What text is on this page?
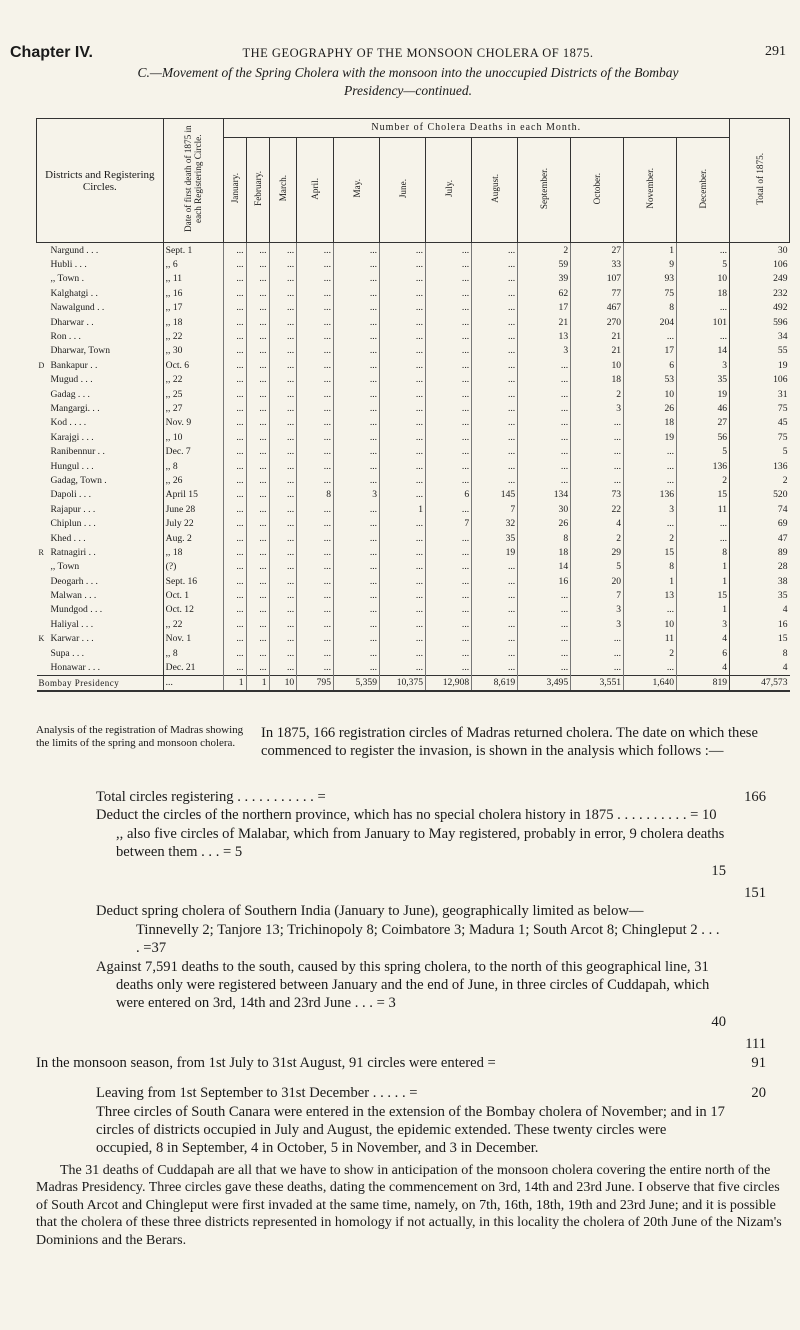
Chapter IV.	THE GEOGRAPHY OF THE MONSOON CHOLERA OF 1875.	291
C.—Movement of the Spring Cholera with the monsoon into the unoccupied Districts of the Bombay
Presidency—continued.
Districts and Registering Circles.	Date of first death of 1875 in each Registering Circle.	Number of Cholera Deaths in each Month.												Total of 1875.
		January.	February.	March.	April.	May.	June.	July.	August.	September.	October.	November.	December.	
Nargund . . .	Sept. 1	...	...	...	...	...	...	...	...	2	27	1	...	30
Hubli . . .	,, 6	...	...	...	...	...	...	...	...	59	33	9	5	106
,, Town .	,, 11	...	...	...	...	...	...	...	...	39	107	93	10	249
Kalghatgi . .	,, 16	...	...	...	...	...	...	...	...	62	77	75	18	232
Nawalgund . .	,, 17	...	...	...	...	...	...	...	...	17	467	8	...	492
Dharwar . .	,, 18	...	...	...	...	...	...	...	...	21	270	204	101	596
Ron . . .	,, 22	...	...	...	...	...	...	...	...	13	21	...	...	34
Dharwar, Town	,, 30	...	...	...	...	...	...	...	...	3	21	17	14	55
D Bankapur . .	Oct. 6	...	...	...	...	...	...	...	...	...	10	6	3	19
Mugud . . .	,, 22	...	...	...	...	...	...	...	...	...	18	53	35	106
Gadag . . .	,, 25	...	...	...	...	...	...	...	...	...	2	10	19	31
Mangargi. . .	,, 27	...	...	...	...	...	...	...	...	...	3	26	46	75
Kod . . . .	Nov. 9	...	...	...	...	...	...	...	...	...	...	18	27	45
Karajgi . . .	,, 10	...	...	...	...	...	...	...	...	...	...	19	56	75
Ranibennur . .	Dec. 7	...	...	...	...	...	...	...	...	...	...	...	5	5
Hungul . . .	,, 8	...	...	...	...	...	...	...	...	...	...	...	136	136
Gadag, Town .	,, 26	...	...	...	...	...	...	...	...	...	...	...	2	2
Dapoli . . .	April 15	...	...	...	8	3	...	6	145	134	73	136	15	520
Rajapur . . .	June 28	...	...	...	...	...	1	...	7	30	22	3	11	74
Chiplun . . .	July 22	...	...	...	...	...	...	7	32	26	4	...	...	69
Khed . . .	Aug. 2	...	...	...	...	...	...	...	35	8	2	2	...	47
R Ratnagiri . .	,, 18	...	...	...	...	...	...	...	19	18	29	15	8	89
,, Town	(?)	...	...	...	...	...	...	...	...	14	5	8	1	28
Deogarh . . .	Sept. 16	...	...	...	...	...	...	...	...	16	20	1	1	38
Malwan . . .	Oct. 1	...	...	...	...	...	...	...	...	...	7	13	15	35
Mundgod . . .	Oct. 12	...	...	...	...	...	...	...	...	...	3	...	1	4
Haliyal . . .	,, 22	...	...	...	...	...	...	...	...	...	3	10	3	16
K Karwar . . .	Nov. 1	...	...	...	...	...	...	...	...	...	...	11	4	15
Supa . . .	,, 8	...	...	...	...	...	...	...	...	...	...	2	6	8
Honawar . . .	Dec. 21	...	...	...	...	...	...	...	...	...	...	...	4	4
Bombay Presidency	...	1	1	10	795	5,359	10,375	12,908	8,619	3,495	3,551	1,640	819	47,573
Analysis of the registration of Madras showing the limits of the spring and monsoon cholera.
In 1875, 166 registration circles of Madras returned cholera. The date on which these commenced to register the invasion, is shown in the analysis which follows :—
Total circles registering . . . . . . . . . . . =	166
Deduct the circles of the northern province, which has no special cholera history in 1875 . . . . . . . . . . = 10
,, also five circles of Malabar, which from January to May registered, probably in error, 9 cholera deaths between them . . . = 5
15
151
Deduct spring cholera of Southern India (January to June), geographically limited as below—
Tinnevelly 2; Tanjore 13; Trichinopoly 8; Coimbatore 3; Madura 1; South Arcot 8; Chingleput 2 . . . . =37
Against 7,591 deaths to the south, caused by this spring cholera, to the north of this geographical line, 31 deaths only were registered between January and the end of June, in three circles of Cuddapah, which were entered on 3rd, 14th and 23rd June . . . = 3
40
111
In the monsoon season, from 1st July to 31st August, 91 circles were entered =	91
Leaving from 1st September to 31st December . . . . . =	20
Three circles of South Canara were entered in the extension of the Bombay cholera of November; and in 17 circles of districts occupied in July and August, the epidemic extended. These twenty circles were occupied, 8 in September, 4 in October, 5 in November, and 3 in December.
The 31 deaths of Cuddapah are all that we have to show in anticipation of the monsoon cholera covering the entire north of the Madras Presidency. Three circles gave these deaths, dating the commencement on 3rd, 14th and 23rd June. I observe that five circles of South Arcot and Chingleput were first invaded at the same time, namely, on 7th, 16th, 18th, 19th and 23rd June; and it is possible that the cholera of these three districts represented in homology if not actually, in this locality the cholera of 20th June of the Nizam's Dominions and the Berars.
